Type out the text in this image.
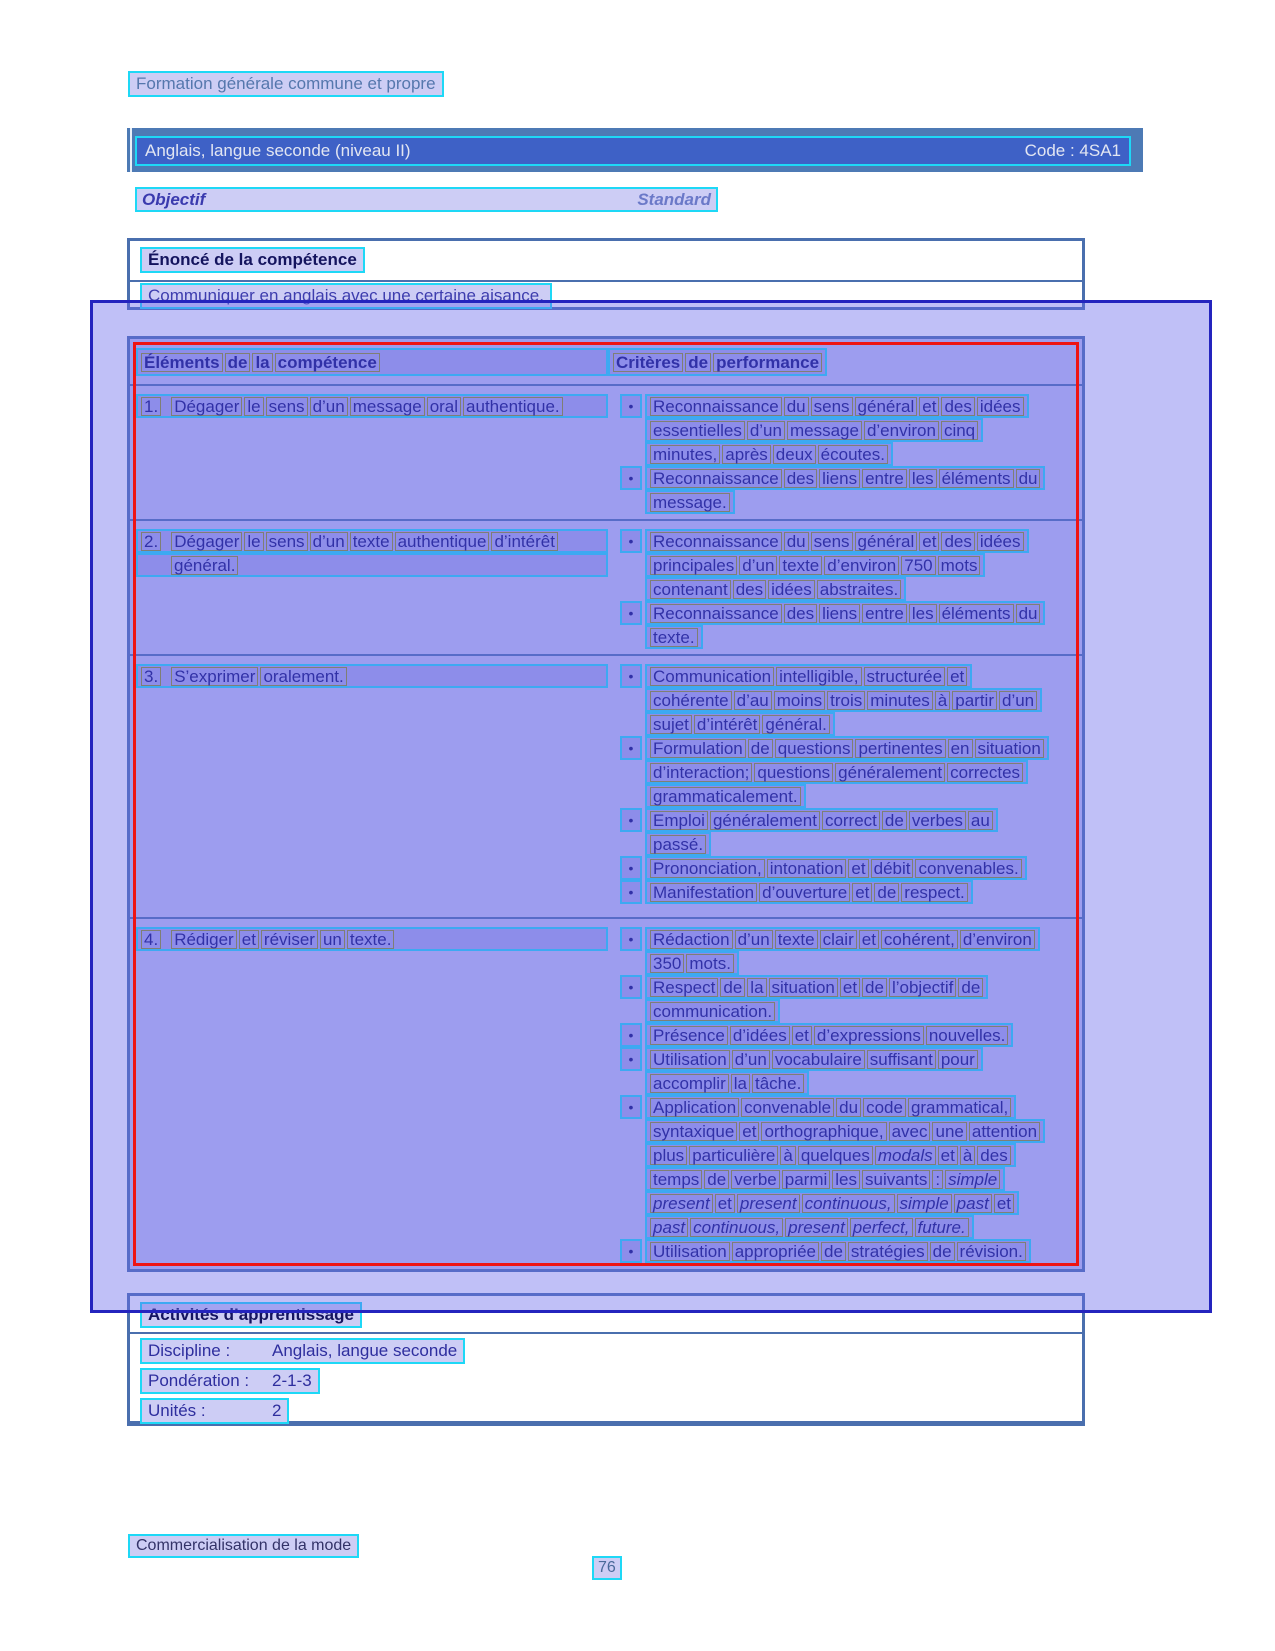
Formation générale commune et propre
Anglais, langue seconde (niveau II)	Code : 4SA1
Objectif	Standard
Énoncé de la compétence
Communiquer en anglais avec une certaine aisance.
Éléments de la compétence	Critères de performance
1. Dégager le sens d’un message oral authentique.	•	Reconnaissance du sens général et des idées
essentielles d’un message d’environ cinq
minutes, après deux écoutes.
•	Reconnaissance des liens entre les éléments du
message.
2. Dégager le sens d’un texte authentique d’intérêt
général.
•	Reconnaissance du sens général et des idées
principales d’un texte d’environ 750 mots
contenant des idées abstraites.
•	Reconnaissance des liens entre les éléments du
texte.
3. S’exprimer oralement.	•	Communication intelligible, structurée et
cohérente d’au moins trois minutes à partir d’un
sujet d’intérêt général.
•	Formulation de questions pertinentes en situation
d’interaction; questions généralement correctes
grammaticalement.
•	Emploi généralement correct de verbes au
passé.
•	Prononciation, intonation et débit convenables.
•	Manifestation d’ouverture et de respect.
4. Rédiger et réviser un texte.	•	Rédaction d’un texte clair et cohérent, d’environ
350 mots.
•	Respect de la situation et de l’objectif de
communication.
•	Présence d’idées et d’expressions nouvelles.
•	Utilisation d’un vocabulaire suffisant pour
accomplir la tâche.
•	Application convenable du code grammatical,
syntaxique et orthographique, avec une attention
plus particulière à quelques modals et à des
temps de verbe parmi les suivants : simple
present et present continuous, simple past et
past continuous, present perfect, future.
•	Utilisation appropriée de stratégies de révision.
Activités d’apprentissage
Discipline : Anglais, langue seconde
Pondération : 2-1-3
Unités :	2
Commercialisation de la mode
76
